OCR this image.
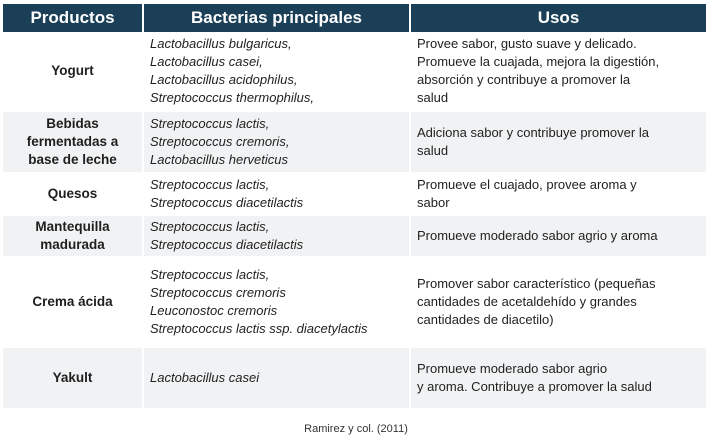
Productos	Bacterias principales	Usos

Yogurt	Lactobacillus bulgaricus,
Lactobacillus casei,
Lactobacillus acidophilus,
Streptococcus thermophilus,	Provee sabor, gusto suave y delicado.
Promueve la cuajada, mejora la digestión,
absorción y contribuye a promover la
salud

Bebidas
fermentadas a
base de leche	Streptococcus lactis,
Streptococcus cremoris,
Lactobacillus herveticus	Adiciona sabor y contribuye promover la
salud

Quesos	Streptococcus lactis,
Streptococcus diacetilactis	Promueve el cuajado, provee aroma y
sabor

Mantequilla
madurada	Streptococcus lactis,
Streptococcus diacetilactis	Promueve moderado sabor agrio y aroma

Crema ácida	Streptococcus lactis,
Streptococcus cremoris
Leuconostoc cremoris
Streptococcus lactis ssp. diacetylactis	Promover sabor característico (pequeñas
cantidades de acetaldehído y grandes
cantidades de diacetilo)

Yakult	Lactobacillus casei	Promueve moderado sabor agrio
y aroma. Contribuye a promover la salud
Ramirez y col. (2011)
